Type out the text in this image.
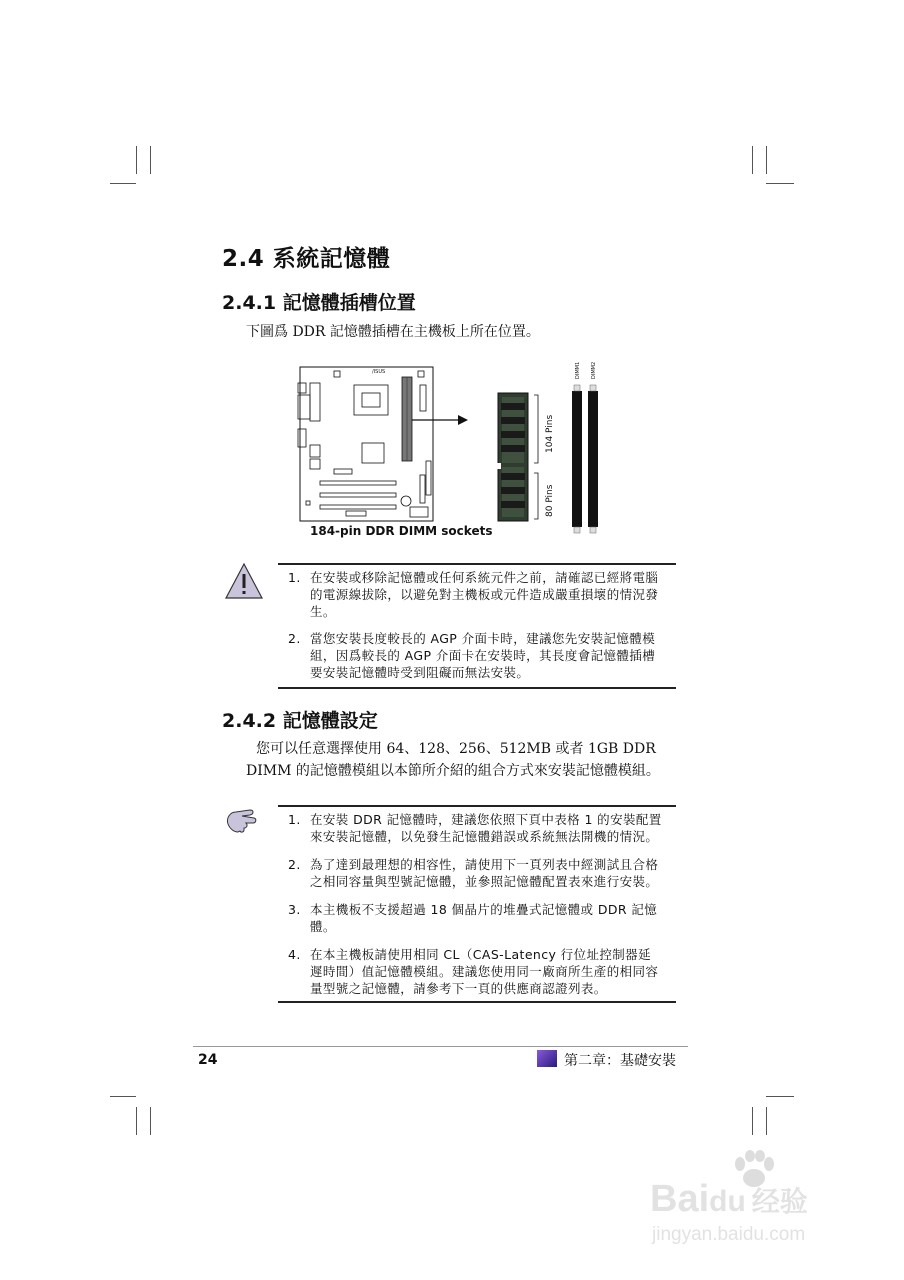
2.4 系統記憶體
2.4.1 記憶體插槽位置
下圖爲 DDR 記憶體插槽在主機板上所在位置。
/ISUS
104 Pins
80 Pins
DIMM1 DIMM2
184-pin DDR DIMM sockets
1. 在安裝或移除記憶體或任何系統元件之前，請確認已經將電腦的電源線拔除，以避免對主機板或元件造成嚴重損壞的情況發生。
2. 當您安裝長度較長的 AGP 介面卡時，建議您先安裝記憶體模組，因爲較長的 AGP 介面卡在安裝時，其長度會記憶體插槽要安裝記憶體時受到阻礙而無法安裝。
2.4.2 記憶體設定
您可以任意選擇使用 64、128、256、512MB 或者 1GB DDR DIMM 的記憶體模組以本節所介紹的組合方式來安裝記憶體模組。
1. 在安裝 DDR 記憶體時，建議您依照下頁中表格 1 的安裝配置來安裝記憶體，以免發生記憶體錯誤或系統無法開機的情況。
2. 為了達到最理想的相容性，請使用下一頁列表中經測試且合格之相同容量與型號記憶體，並參照記憶體配置表來進行安裝。
3. 本主機板不支援超過 18 個晶片的堆疊式記憶體或 DDR 記憶體。
4. 在本主機板請使用相同 CL（CAS-Latency 行位址控制器延遲時間）值記憶體模組。建議您使用同一廠商所生產的相同容量型號之記憶體，請參考下一頁的供應商認證列表。
24	第二章：基礎安裝
Baidu 经验
jingyan.baidu.com
